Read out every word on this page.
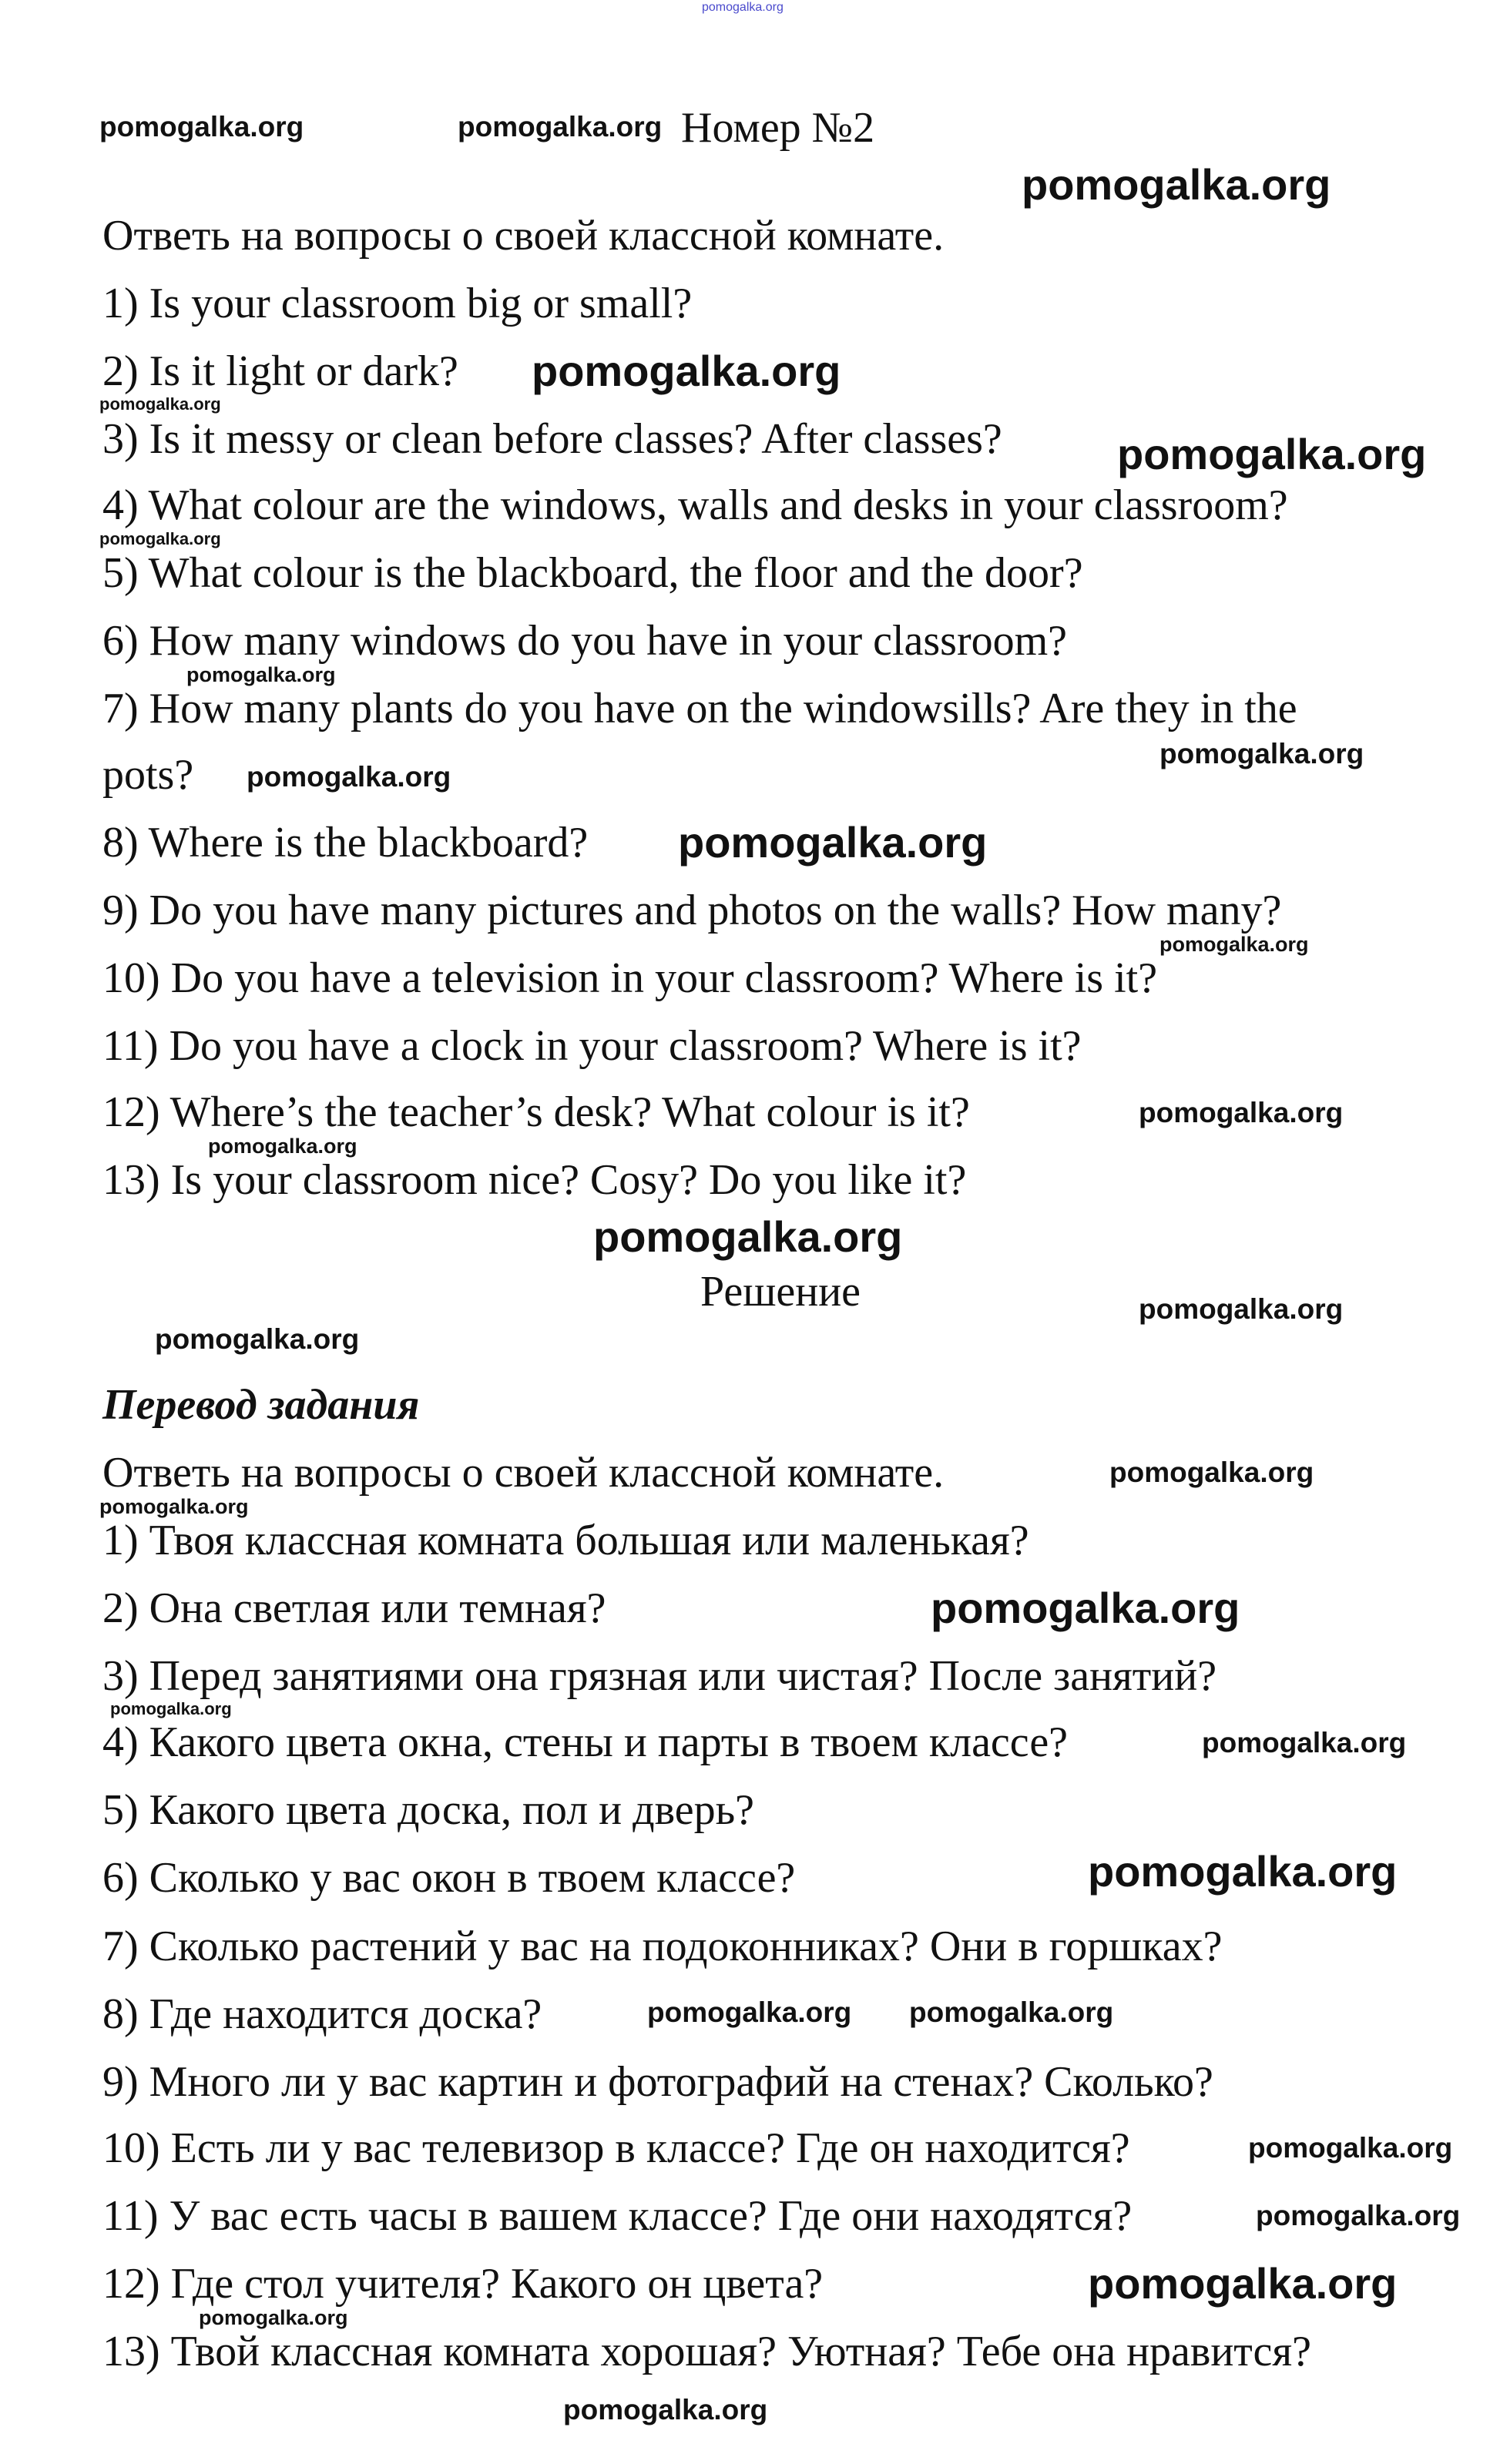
Номер №2
Ответь на вопросы о своей классной комнате.
1) Is your classroom big or small?
2) Is it light or dark?
3) Is it messy or clean before classes? After classes?
4) What colour are the windows, walls and desks in your classroom?
5) What colour is the blackboard, the floor and the door?
6) How many windows do you have in your classroom?
7) How many plants do you have on the windowsills? Are they in the
pots?
8) Where is the blackboard?
9) Do you have many pictures and photos on the walls? How many?
10) Do you have a television in your classroom? Where is it?
11) Do you have a clock in your classroom? Where is it?
12) Where’s the teacher’s desk? What colour is it?
13) Is your classroom nice? Cosy? Do you like it?
Решение
Перевод задания
Ответь на вопросы о своей классной комнате.
1) Твоя классная комната большая или маленькая?
2) Она светлая или темная?
3) Перед занятиями она грязная или чистая? После занятий?
4) Какого цвета окна, стены и парты в твоем классе?
5) Какого цвета доска, пол и дверь?
6) Сколько у вас окон в твоем классе?
7) Сколько растений у вас на подоконниках? Они в горшках?
8) Где находится доска?
9) Много ли у вас картин и фотографий на стенах? Сколько?
10) Есть ли у вас телевизор в классе? Где он находится?
11) У вас есть часы в вашем классе? Где они находятся?
12) Где стол учителя? Какого он цвета?
13) Твой классная комната хорошая? Уютная? Тебе она нравится?
pomogalka.org
pomogalka.org	pomogalka.org
pomogalka.org
pomogalka.org
pomogalka.org
pomogalka.org
pomogalka.org
pomogalka.org
pomogalka.org
pomogalka.org
pomogalka.org
pomogalka.org
pomogalka.org
pomogalka.org
pomogalka.org
pomogalka.org
pomogalka.org
pomogalka.org
pomogalka.org
pomogalka.org
pomogalka.org
pomogalka.org
pomogalka.org
pomogalka.org pomogalka.org
pomogalka.org
pomogalka.org
pomogalka.org
pomogalka.org
pomogalka.org
